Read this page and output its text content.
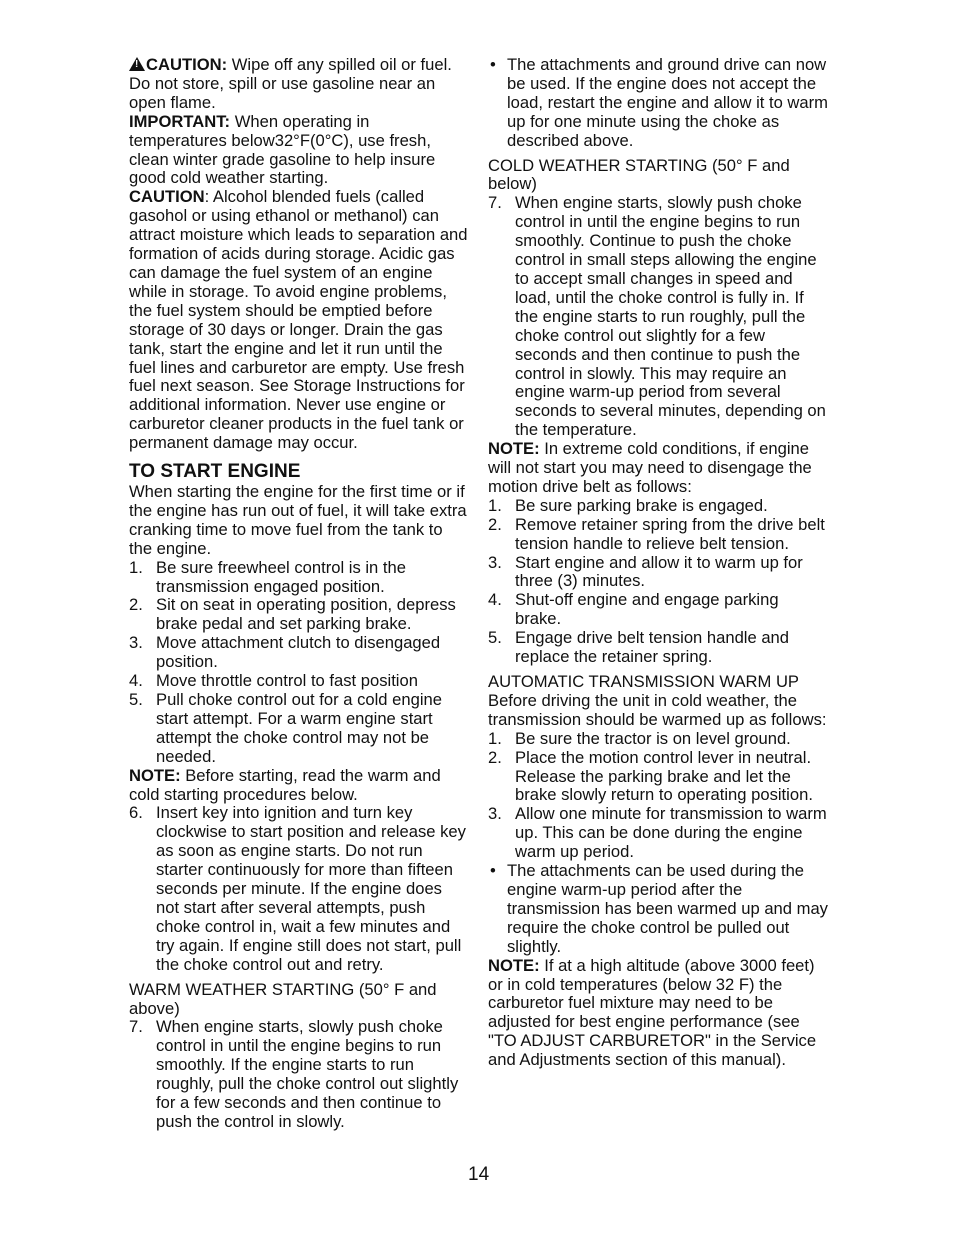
!CAUTION: Wipe off any spilled oil or fuel. Do not store, spill or use gasoline near an open flame.

IMPORTANT: When operating in temperatures below32°F(0°C), use fresh, clean winter grade gasoline to help insure good cold weather starting.

CAUTION: Alcohol blended fuels (called gasohol or using ethanol or methanol) can attract moisture which leads to separation and formation of acids during storage. Acidic gas can damage the fuel system of an engine while in storage. To avoid engine problems, the fuel system should be emptied before storage of 30 days or longer. Drain the gas tank, start the engine and let it run until the fuel lines and carburetor are empty. Use fresh fuel next season. See Storage Instructions for additional information. Never use engine or carburetor cleaner products in the fuel tank or permanent damage may occur.

TO START ENGINE

When starting the engine for the first time or if the engine has run out of fuel, it will take extra cranking time to move fuel from the tank to the engine.

1. Be sure freewheel control is in the transmission engaged position.
2. Sit on seat in operating position, depress brake pedal and set parking brake.
3. Move attachment clutch to disengaged position.
4. Move throttle control to fast position
5. Pull choke control out for a cold engine start attempt. For a warm engine start attempt the choke control may not be needed.

NOTE: Before starting, read the warm and cold starting procedures below.

6. Insert key into ignition and turn key clockwise to start position and release key as soon as engine starts. Do not run starter continuously for more than fifteen seconds per minute. If the engine does not start after several attempts, push choke control in, wait a few minutes and try again. If engine still does not start, pull the choke control out and retry.

WARM WEATHER STARTING (50° F and above)

7. When engine starts, slowly push choke control in until the engine begins to run smoothly. If the engine starts to run roughly, pull the choke control out slightly for a few seconds and then continue to push the control in slowly.
• The attachments and ground drive can now be used. If the engine does not accept the load, restart the engine and allow it to warm up for one minute using the choke as described above.

COLD WEATHER STARTING (50° F and below)

7. When engine starts, slowly push choke control in until the engine begins to run smoothly. Continue to push the choke control in small steps allowing the engine to accept small changes in speed and load, until the choke control is fully in. If the engine starts to run roughly, pull the choke control out slightly for a few seconds and then continue to push the control in slowly. This may require an engine warm-up period from several seconds to several minutes, depending on the temperature.

NOTE: In extreme cold conditions, if engine will not start you may need to disengage the motion drive belt as follows:

1. Be sure parking brake is engaged.
2. Remove retainer spring from the drive belt tension handle to relieve belt tension.
3. Start engine and allow it to warm up for three (3) minutes.
4. Shut-off engine and engage parking brake.
5. Engage drive belt tension handle and replace the retainer spring.

AUTOMATIC TRANSMISSION WARM UP

Before driving the unit in cold weather, the transmission should be warmed up as follows:

1. Be sure the tractor is on level ground.
2. Place the motion control lever in neutral. Release the parking brake and let the brake slowly return to operating position.
3. Allow one minute for transmission to warm up. This can be done during the engine warm up period.
• The attachments can be used during the engine warm-up period after the transmission has been warmed up and may require the choke control be pulled out slightly.

NOTE: If at a high altitude (above 3000 feet) or in cold temperatures (below 32 F) the carburetor fuel mixture may need to be adjusted for best engine performance (see "TO ADJUST CARBURETOR" in the Service and Adjustments section of this manual).

14
